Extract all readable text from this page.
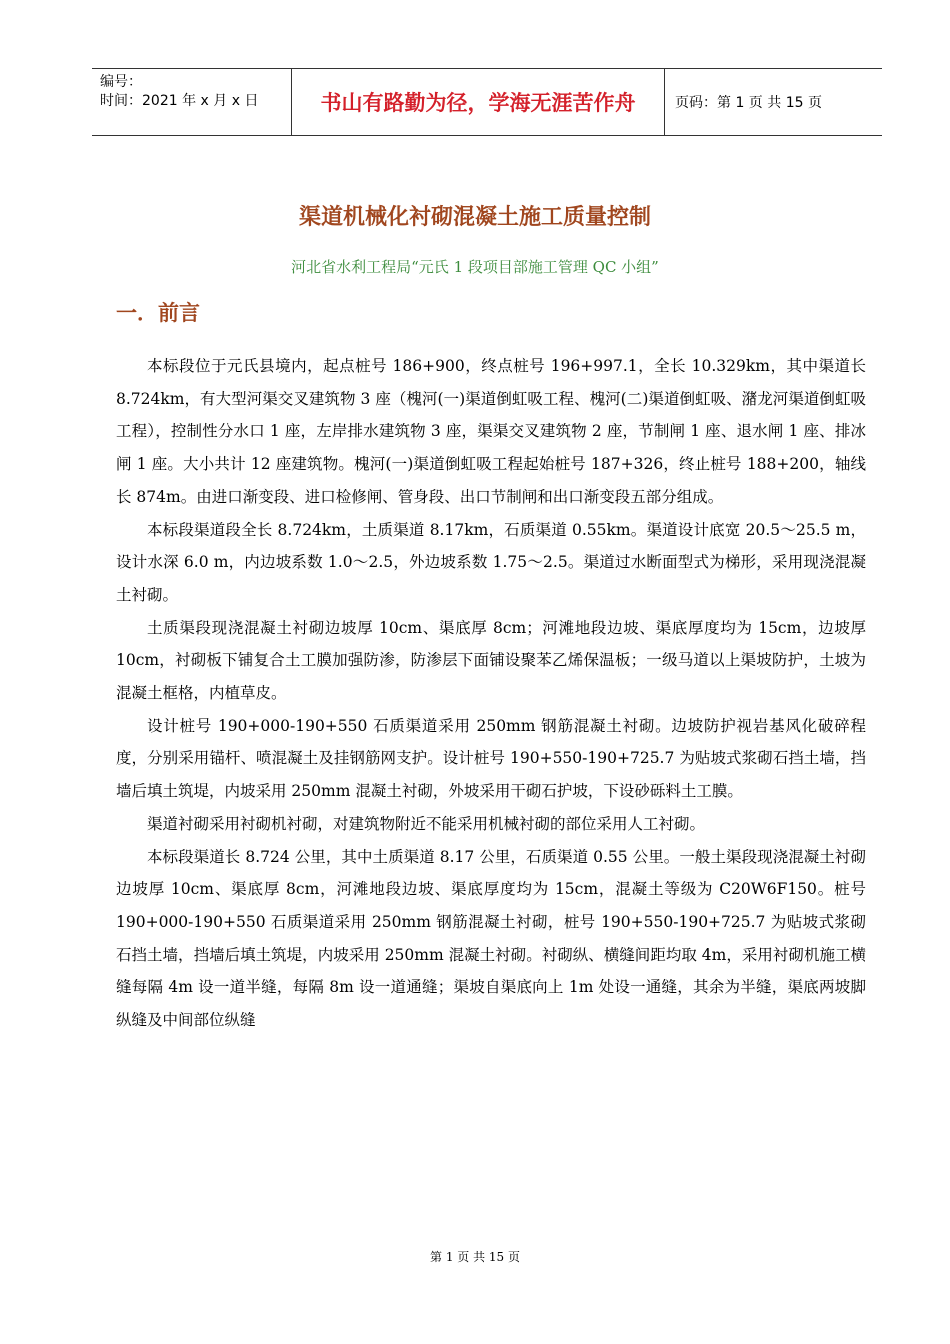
编号：
时间：2021 年 x 月 x 日	书山有路勤为径，学海无涯苦作舟	页码：第 1 页 共 15 页
渠道机械化衬砌混凝土施工质量控制
河北省水利工程局“元氏 1 段项目部施工管理 QC 小组”
一．前言

本标段位于元氏县境内，起点桩号 186+900，终点桩号 196+997.1，全长 10.329km，其中渠道长 8.724km，有大型河渠交叉建筑物 3 座（槐河(一)渠道倒虹吸工程、槐河(二)渠道倒虹吸、潴龙河渠道倒虹吸工程），控制性分水口 1 座，左岸排水建筑物 3 座，渠渠交叉建筑物 2 座，节制闸 1 座、退水闸 1 座、排冰闸 1 座。大小共计 12 座建筑物。槐河(一)渠道倒虹吸工程起始桩号 187+326，终止桩号 188+200，轴线长 874m。由进口渐变段、进口检修闸、管身段、出口节制闸和出口渐变段五部分组成。

本标段渠道段全长 8.724km，土质渠道 8.17km，石质渠道 0.55km。渠道设计底宽 20.5～25.5 m，设计水深 6.0 m，内边坡系数 1.0～2.5，外边坡系数 1.75～2.5。渠道过水断面型式为梯形，采用现浇混凝土衬砌。

土质渠段现浇混凝土衬砌边坡厚 10cm、渠底厚 8cm；河滩地段边坡、渠底厚度均为 15cm，边坡厚 10cm，衬砌板下铺复合土工膜加强防渗，防渗层下面铺设聚苯乙烯保温板；一级马道以上渠坡防护，土坡为混凝土框格，内植草皮。

设计桩号 190+000-190+550 石质渠道采用 250mm 钢筋混凝土衬砌。边坡防护视岩基风化破碎程度，分别采用锚杆、喷混凝土及挂钢筋网支护。设计桩号 190+550-190+725.7 为贴坡式浆砌石挡土墙，挡墙后填土筑堤，内坡采用 250mm 混凝土衬砌，外坡采用干砌石护坡，下设砂砾料土工膜。

渠道衬砌采用衬砌机衬砌，对建筑物附近不能采用机械衬砌的部位采用人工衬砌。

本标段渠道长 8.724 公里，其中土质渠道 8.17 公里，石质渠道 0.55 公里。一般土渠段现浇混凝土衬砌边坡厚 10cm、渠底厚 8cm，河滩地段边坡、渠底厚度均为 15cm，混凝土等级为 C20W6F150。桩号 190+000-190+550 石质渠道采用 250mm 钢筋混凝土衬砌，桩号 190+550-190+725.7 为贴坡式浆砌石挡土墙，挡墙后填土筑堤，内坡采用 250mm 混凝土衬砌。衬砌纵、横缝间距均取 4m，采用衬砌机施工横缝每隔 4m 设一道半缝，每隔 8m 设一道通缝；渠坡自渠底向上 1m 处设一通缝，其余为半缝，渠底两坡脚纵缝及中间部位纵缝

第 1 页 共 15 页
